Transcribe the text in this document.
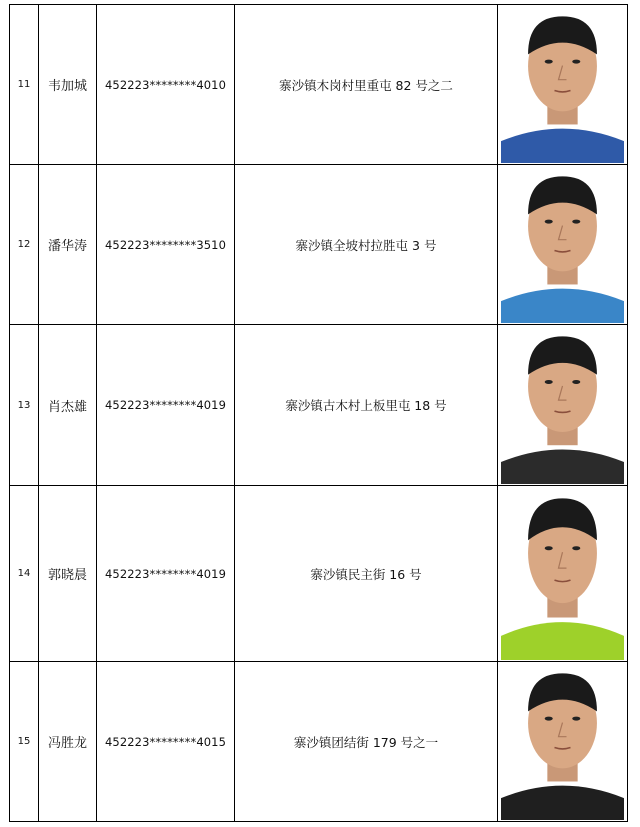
11	韦加城	452223********4010	寨沙镇木岗村里重屯 82 号之二	

12	潘华涛	452223********3510	寨沙镇全坡村拉胜屯 3 号	

13	肖杰雄	452223********4019	寨沙镇古木村上板里屯 18 号	

14	郭晓晨	452223********4019	寨沙镇民主街 16 号	

15	冯胜龙	452223********4015	寨沙镇团结街 179 号之一	
